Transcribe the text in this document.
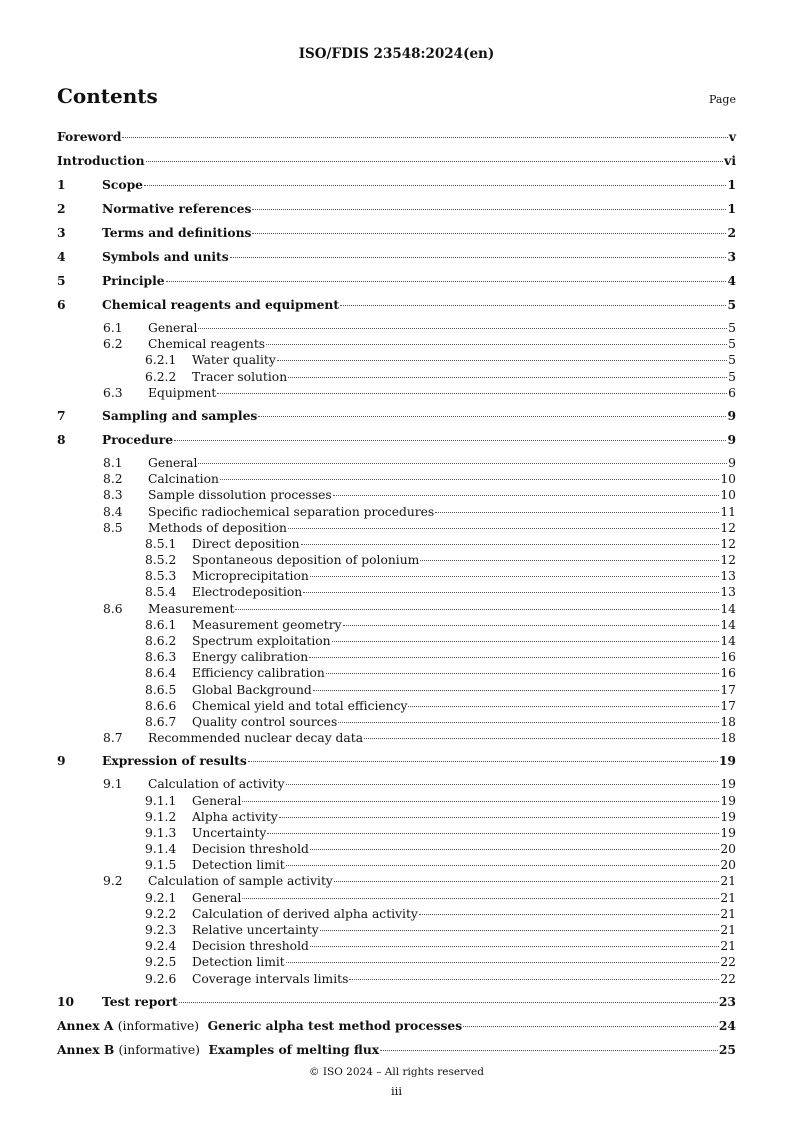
ISO/FDIS 23548:2024(en)
Contents	Page
Foreword	v
Introduction	vi
1	Scope	1
2	Normative references	1
3	Terms and definitions	2
4	Symbols and units	3
5	Principle	4
6	Chemical reagents and equipment	5
6.1	General	5
6.2	Chemical reagents	5
6.2.1	Water quality	5
6.2.2	Tracer solution	5
6.3	Equipment	6
7	Sampling and samples	9
8	Procedure	9
8.1	General	9
8.2	Calcination	10
8.3	Sample dissolution processes	10
8.4	Specific radiochemical separation procedures	11
8.5	Methods of deposition	12
8.5.1	Direct deposition	12
8.5.2	Spontaneous deposition of polonium	12
8.5.3	Microprecipitation	13
8.5.4	Electrodeposition	13
8.6	Measurement	14
8.6.1	Measurement geometry	14
8.6.2	Spectrum exploitation	14
8.6.3	Energy calibration	16
8.6.4	Efficiency calibration	16
8.6.5	Global Background	17
8.6.6	Chemical yield and total efficiency	17
8.6.7	Quality control sources	18
8.7	Recommended nuclear decay data	18
9	Expression of results	19
9.1	Calculation of activity	19
9.1.1	General	19
9.1.2	Alpha activity	19
9.1.3	Uncertainty	19
9.1.4	Decision threshold	20
9.1.5	Detection limit	20
9.2	Calculation of sample activity	21
9.2.1	General	21
9.2.2	Calculation of derived alpha activity	21
9.2.3	Relative uncertainty	21
9.2.4	Decision threshold	21
9.2.5	Detection limit	22
9.2.6	Coverage intervals limits	22
10	Test report	23
Annex A (informative) Generic alpha test method processes	24
Annex B (informative) Examples of melting flux	25
© ISO 2024 – All rights reserved
iii
